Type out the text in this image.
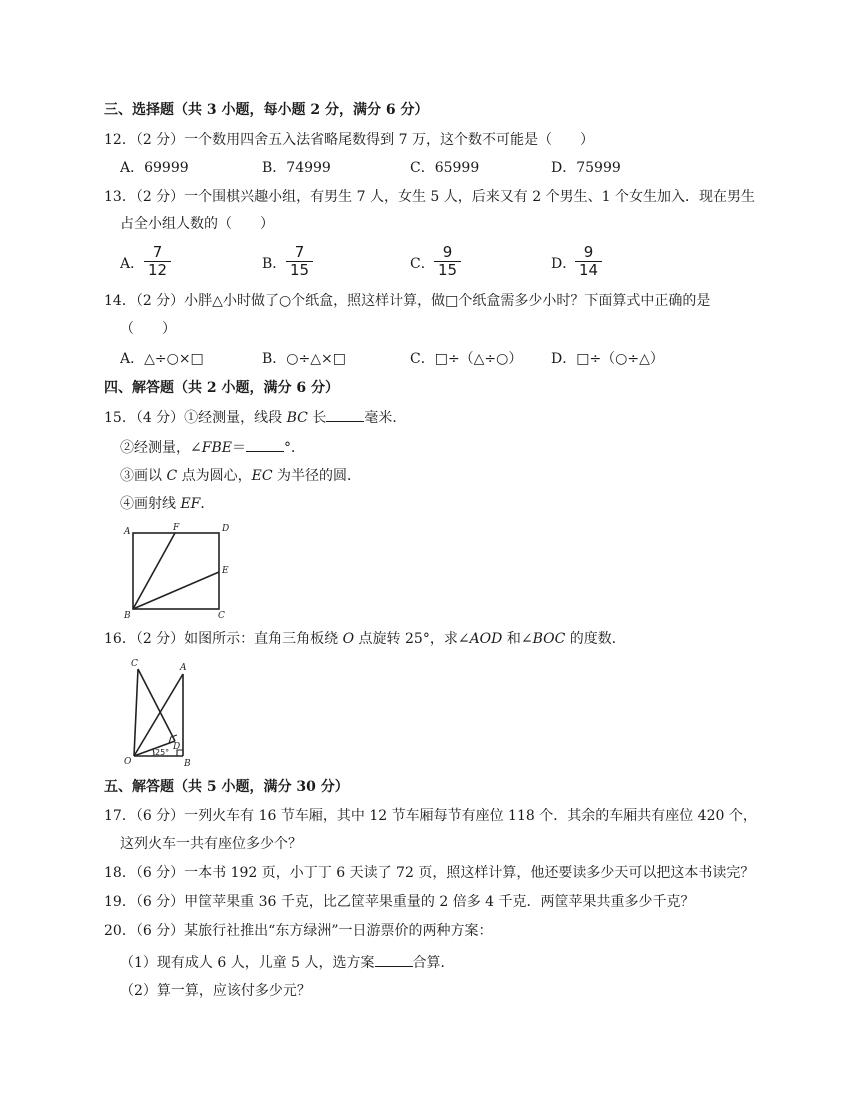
三、选择题（共 3 小题，每小题 2 分，满分 6 分）
12．（2 分）一个数用四舍五入法省略尾数得到 7 万，这个数不可能是（　　）
A．69999	B．74999	C．65999	D．75999
13．（2 分）一个围棋兴趣小组，有男生 7 人，女生 5 人，后来又有 2 个男生、1 个女生加入．现在男生
占全小组人数的（　　）
A．
7
12	B．
7
15	C．
9
15	D．
9
14
14．（2 分）小胖△小时做了○个纸盒，照这样计算，做□个纸盒需多少小时？下面算式中正确的是
（　　）
A．△÷○×□	B．○÷△×□	C．□÷（△÷○） D．□÷（○÷△）
四、解答题（共 2 小题，满分 6 分）
15．（4 分）①经测量，线段 BC 长	毫米．
②经测量，∠FBE＝	°．
③画以 C 点为圆心，EC 为半径的圆．
④画射线 EF．
A	F	D
E
B	C
16．（2 分）如图所示：直角三角板绕 O 点旋转 25°，求∠AOD 和∠BOC 的度数．
C	A
D
O	B
25°
五、解答题（共 5 小题，满分 30 分）
17．（6 分）一列火车有 16 节车厢，其中 12 节车厢每节有座位 118 个．其余的车厢共有座位 420 个，
这列火车一共有座位多少个？
18．（6 分）一本书 192 页，小丁丁 6 天读了 72 页，照这样计算，他还要读多少天可以把这本书读完？
19．（6 分）甲筐苹果重 36 千克，比乙筐苹果重量的 2 倍多 4 千克．两筐苹果共重多少千克？
20．（6 分）某旅行社推出“东方绿洲”一日游票价的两种方案：
（1）现有成人 6 人，儿童 5 人，选方案	合算．
（2）算一算，应该付多少元？
